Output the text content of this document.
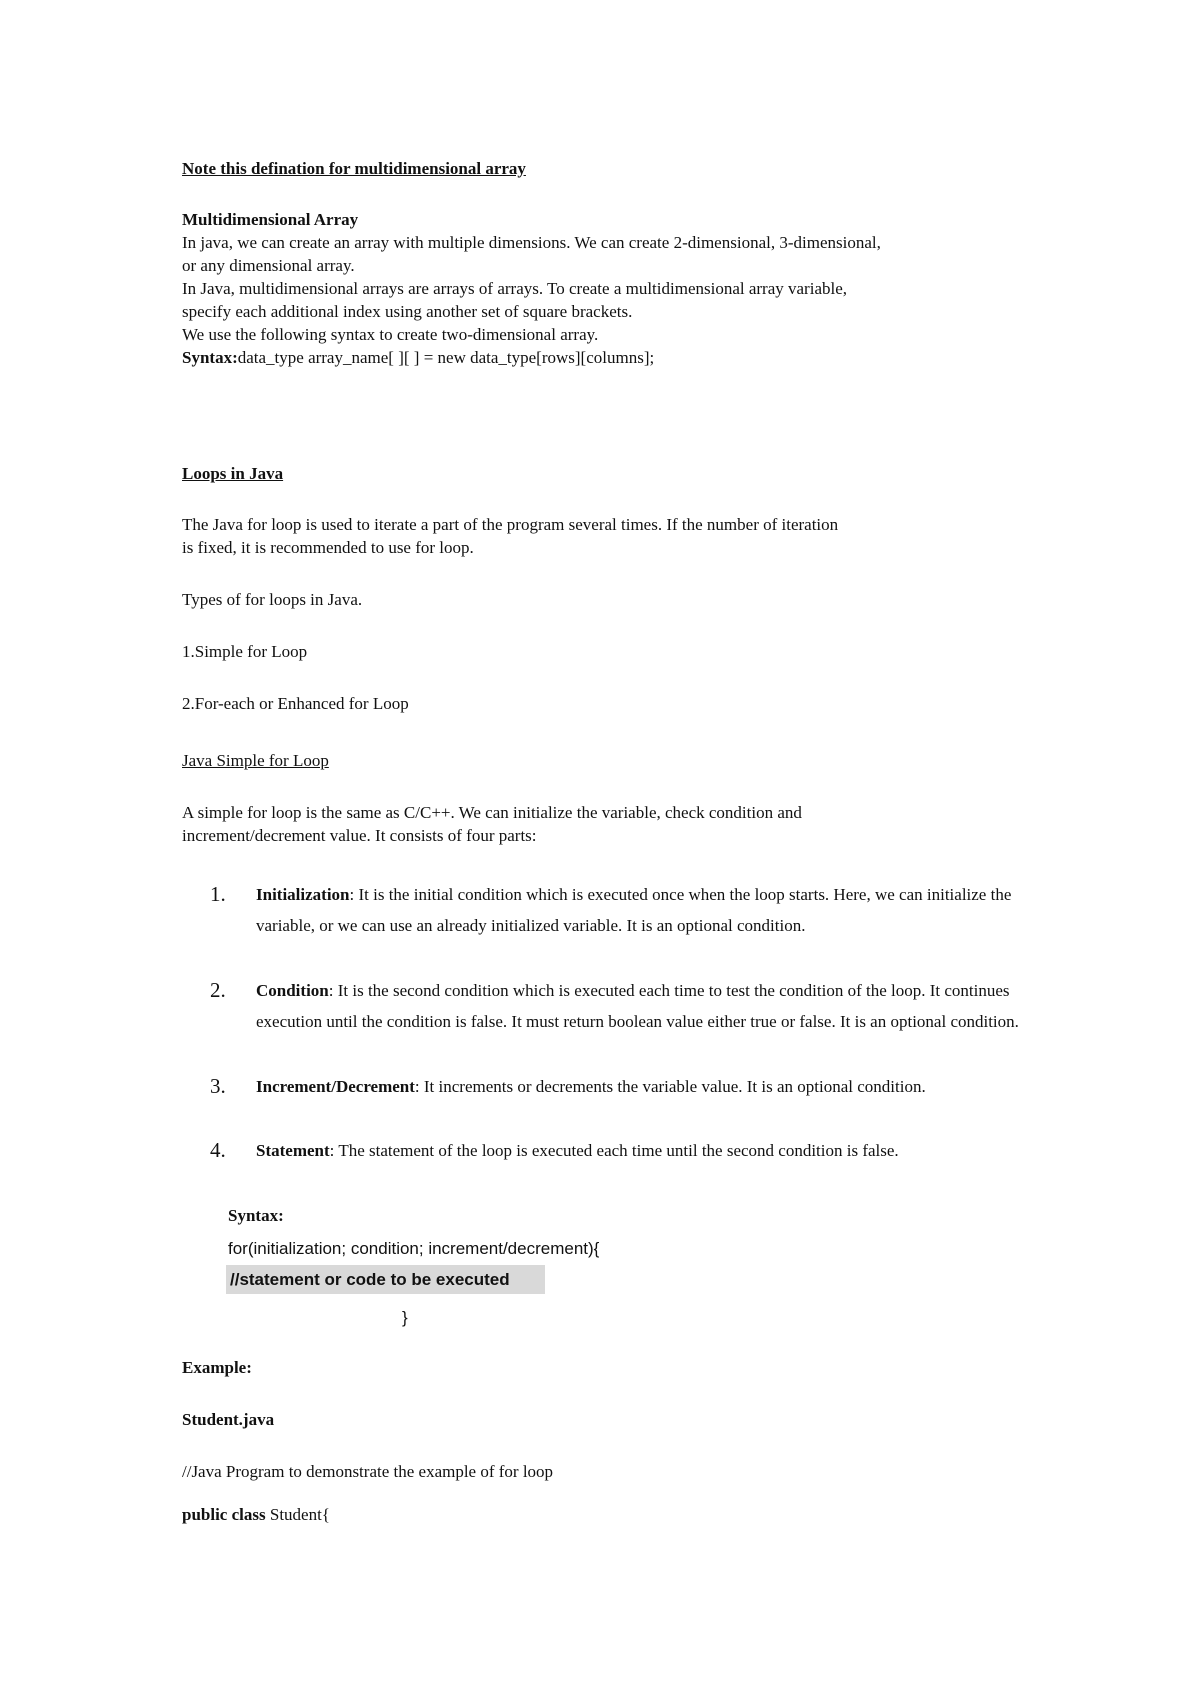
Note this defination for multidimensional array
Multidimensional Array
In java, we can create an array with multiple dimensions. We can create 2-dimensional, 3-dimensional,
or any dimensional array.
In Java, multidimensional arrays are arrays of arrays. To create a multidimensional array variable,
specify each additional index using another set of square brackets.
We use the following syntax to create two-dimensional array.
Syntax:data_type array_name[ ][ ] = new data_type[rows][columns];
Loops in Java
The Java for loop is used to iterate a part of the program several times. If the number of iteration
is fixed, it is recommended to use for loop.
Types of for loops in Java.
1.Simple for Loop
2.For-each or Enhanced for Loop
Java Simple for Loop
A simple for loop is the same as C/C++. We can initialize the variable, check condition and
increment/decrement value. It consists of four parts:
1. Initialization: It is the initial condition which is executed once when the loop starts. Here, we can initialize the variable, or we can use an already initialized variable. It is an optional condition.
2. Condition: It is the second condition which is executed each time to test the condition of the loop. It continues execution until the condition is false. It must return boolean value either true or false. It is an optional condition.
3. Increment/Decrement: It increments or decrements the variable value. It is an optional condition.
4. Statement: The statement of the loop is executed each time until the second condition is false.
Syntax:
for(initialization; condition; increment/decrement){
//statement or code to be executed
}
Example:
Student.java
//Java Program to demonstrate the example of for loop
public class Student{
